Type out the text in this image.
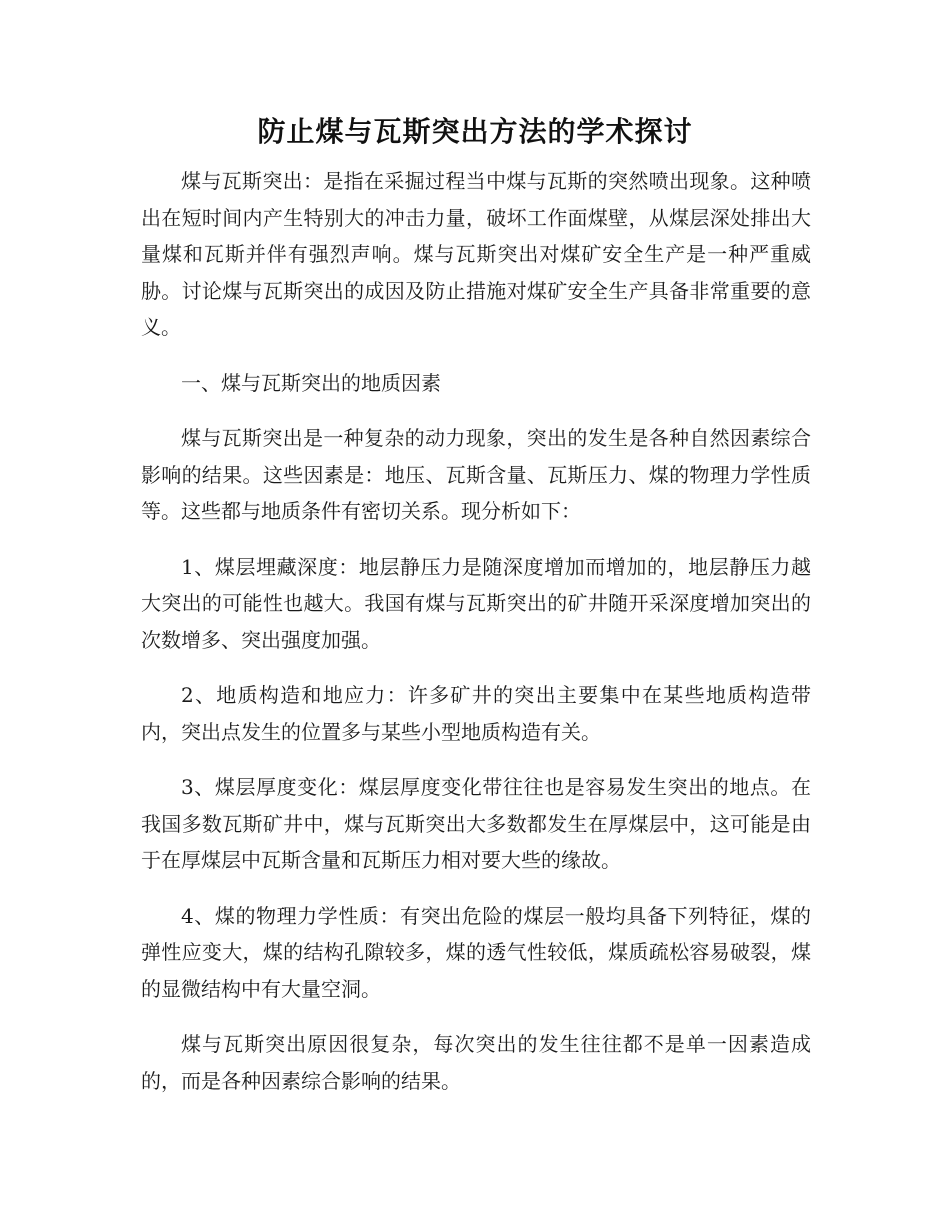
防止煤与瓦斯突出方法的学术探讨

煤与瓦斯突出：是指在采掘过程当中煤与瓦斯的突然喷出现象。这种喷出在短时间内产生特别大的冲击力量，破坏工作面煤壁，从煤层深处排出大量煤和瓦斯并伴有强烈声响。煤与瓦斯突出对煤矿安全生产是一种严重威胁。讨论煤与瓦斯突出的成因及防止措施对煤矿安全生产具备非常重要的意义。

一、煤与瓦斯突出的地质因素

煤与瓦斯突出是一种复杂的动力现象，突出的发生是各种自然因素综合影响的结果。这些因素是：地压、瓦斯含量、瓦斯压力、煤的物理力学性质等。这些都与地质条件有密切关系。现分析如下：

1、煤层埋藏深度：地层静压力是随深度增加而增加的，地层静压力越大突出的可能性也越大。我国有煤与瓦斯突出的矿井随开采深度增加突出的次数增多、突出强度加强。

2、地质构造和地应力：许多矿井的突出主要集中在某些地质构造带内，突出点发生的位置多与某些小型地质构造有关。

3、煤层厚度变化：煤层厚度变化带往往也是容易发生突出的地点。在我国多数瓦斯矿井中，煤与瓦斯突出大多数都发生在厚煤层中，这可能是由于在厚煤层中瓦斯含量和瓦斯压力相对要大些的缘故。

4、煤的物理力学性质：有突出危险的煤层一般均具备下列特征，煤的弹性应变大，煤的结构孔隙较多，煤的透气性较低，煤质疏松容易破裂，煤的显微结构中有大量空洞。

煤与瓦斯突出原因很复杂，每次突出的发生往往都不是单一因素造成的，而是各种因素综合影响的结果。
